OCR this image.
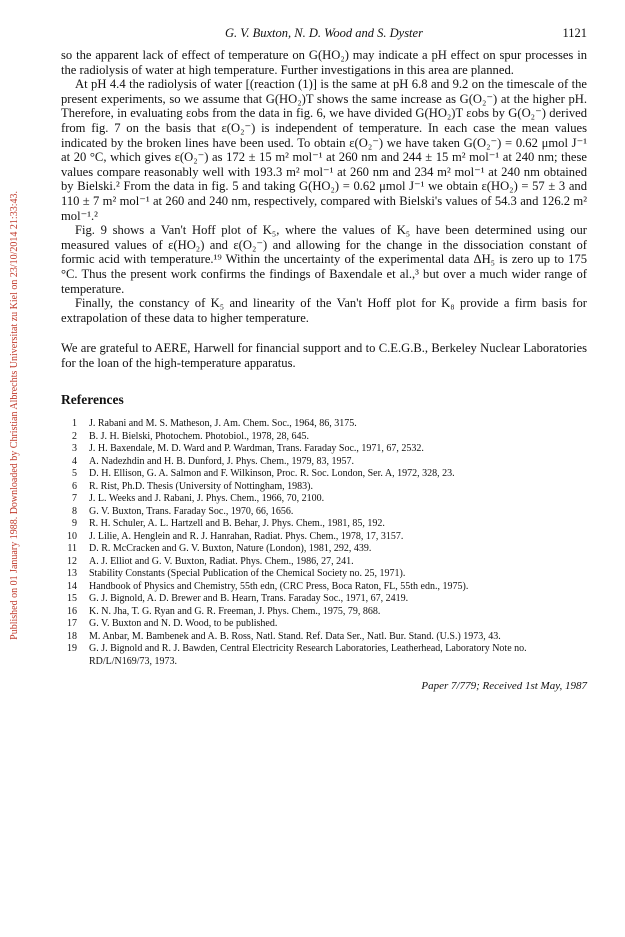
Published on 01 January 1988. Downloaded by Christian Albrechts Universitat zu Kiel on 23/10/2014 21:33:43.
G. V. Buxton, N. D. Wood and S. Dyster	1121

so the apparent lack of effect of temperature on G(HO₂) may indicate a pH effect on spur processes in the radiolysis of water at high temperature. Further investigations in this area are planned.

At pH 4.4 the radiolysis of water [(reaction (1)] is the same at pH 6.8 and 9.2 on the timescale of the present experiments, so we assume that G(HO₂)T shows the same increase as G(O₂⁻) at the higher pH. Therefore, in evaluating εobs from the data in fig. 6, we have divided G(HO₂)T εobs by G(O₂⁻) derived from fig. 7 on the basis that ε(O₂⁻) is independent of temperature. In each case the mean values indicated by the broken lines have been used. To obtain ε(O₂⁻) we have taken G(O₂⁻) = 0.62 μmol J⁻¹ at 20 °C, which gives ε(O₂⁻) as 172 ± 15 m² mol⁻¹ at 260 nm and 244 ± 15 m² mol⁻¹ at 240 nm; these values compare reasonably well with 193.3 m² mol⁻¹ at 260 nm and 234 m² mol⁻¹ at 240 nm obtained by Bielski.² From the data in fig. 5 and taking G(HO₂) = 0.62 μmol J⁻¹ we obtain ε(HO₂) = 57 ± 3 and 110 ± 7 m² mol⁻¹ at 260 and 240 nm, respectively, compared with Bielski's values of 54.3 and 126.2 m² mol⁻¹.²

Fig. 9 shows a Van't Hoff plot of K₅, where the values of K₅ have been determined using our measured values of ε(HO₂) and ε(O₂⁻) and allowing for the change in the dissociation constant of formic acid with temperature.¹⁹ Within the uncertainty of the experimental data ΔH₅ is zero up to 175 °C. Thus the present work confirms the findings of Baxendale et al.,³ but over a much wider range of temperature.

Finally, the constancy of K₅ and linearity of the Van't Hoff plot for K₈ provide a firm basis for extrapolation of these data to higher temperature.

We are grateful to AERE, Harwell for financial support and to C.E.G.B., Berkeley Nuclear Laboratories for the loan of the high-temperature apparatus.

References
1 J. Rabani and M. S. Matheson, J. Am. Chem. Soc., 1964, 86, 3175.
2 B. J. H. Bielski, Photochem. Photobiol., 1978, 28, 645.
3 J. H. Baxendale, M. D. Ward and P. Wardman, Trans. Faraday Soc., 1971, 67, 2532.
4 A. Nadezhdin and H. B. Dunford, J. Phys. Chem., 1979, 83, 1957.
5 D. H. Ellison, G. A. Salmon and F. Wilkinson, Proc. R. Soc. London, Ser. A, 1972, 328, 23.
6 R. Rist, Ph.D. Thesis (University of Nottingham, 1983).
7 J. L. Weeks and J. Rabani, J. Phys. Chem., 1966, 70, 2100.
8 G. V. Buxton, Trans. Faraday Soc., 1970, 66, 1656.
9 R. H. Schuler, A. L. Hartzell and B. Behar, J. Phys. Chem., 1981, 85, 192.
10 J. Lilie, A. Henglein and R. J. Hanrahan, Radiat. Phys. Chem., 1978, 17, 3157.
11 D. R. McCracken and G. V. Buxton, Nature (London), 1981, 292, 439.
12 A. J. Elliot and G. V. Buxton, Radiat. Phys. Chem., 1986, 27, 241.
13 Stability Constants (Special Publication of the Chemical Society no. 25, 1971).
14 Handbook of Physics and Chemistry, 55th edn, (CRC Press, Boca Raton, FL, 55th edn., 1975).
15 G. J. Bignold, A. D. Brewer and B. Hearn, Trans. Faraday Soc., 1971, 67, 2419.
16 K. N. Jha, T. G. Ryan and G. R. Freeman, J. Phys. Chem., 1975, 79, 868.
17 G. V. Buxton and N. D. Wood, to be published.
18 M. Anbar, M. Bambenek and A. B. Ross, Natl. Stand. Ref. Data Ser., Natl. Bur. Stand. (U.S.) 1973, 43.
19 G. J. Bignold and R. J. Bawden, Central Electricity Research Laboratories, Leatherhead, Laboratory Note no. RD/L/N169/73, 1973.
Paper 7/779; Received 1st May, 1987
